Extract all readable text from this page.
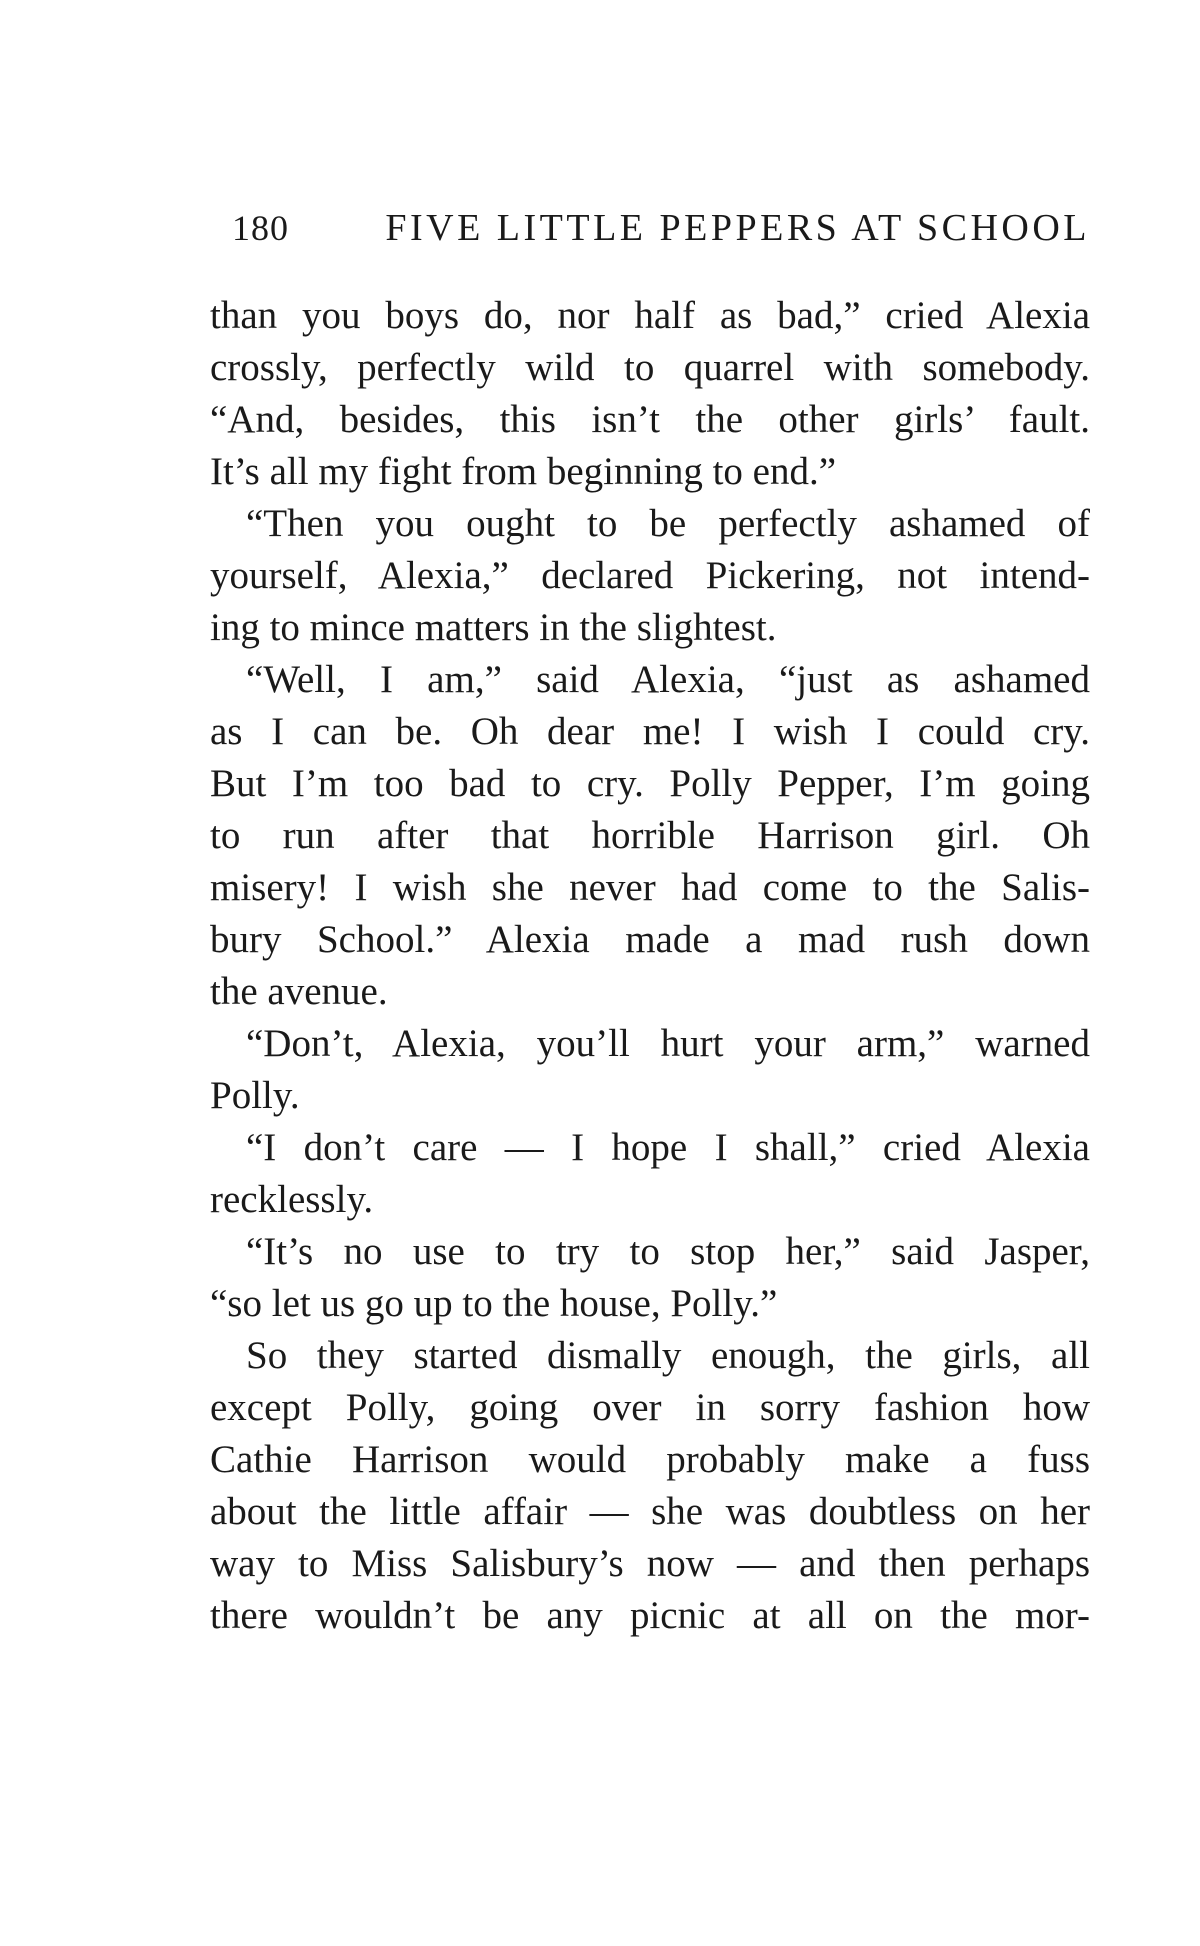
180	FIVE LITTLE PEPPERS AT SCHOOL
than you boys do, nor half as bad,” cried Alexia
crossly, perfectly wild to quarrel with somebody.
“And, besides, this isn’t the other girls’ fault.
It’s all my fight from beginning to end.”
“Then you ought to be perfectly ashamed of
yourself, Alexia,” declared Pickering, not intend-
ing to mince matters in the slightest.
“Well, I am,” said Alexia, “just as ashamed
as I can be. Oh dear me! I wish I could cry.
But I’m too bad to cry. Polly Pepper, I’m going
to run after that horrible Harrison girl. Oh
misery! I wish she never had come to the Salis-
bury School.” Alexia made a mad rush down
the avenue.
“Don’t, Alexia, you’ll hurt your arm,” warned
Polly.
“I don’t care — I hope I shall,” cried Alexia
recklessly.
“It’s no use to try to stop her,” said Jasper,
“so let us go up to the house, Polly.”
So they started dismally enough, the girls, all
except Polly, going over in sorry fashion how
Cathie Harrison would probably make a fuss
about the little affair — she was doubtless on her
way to Miss Salisbury’s now — and then perhaps
there wouldn’t be any picnic at all on the mor-
